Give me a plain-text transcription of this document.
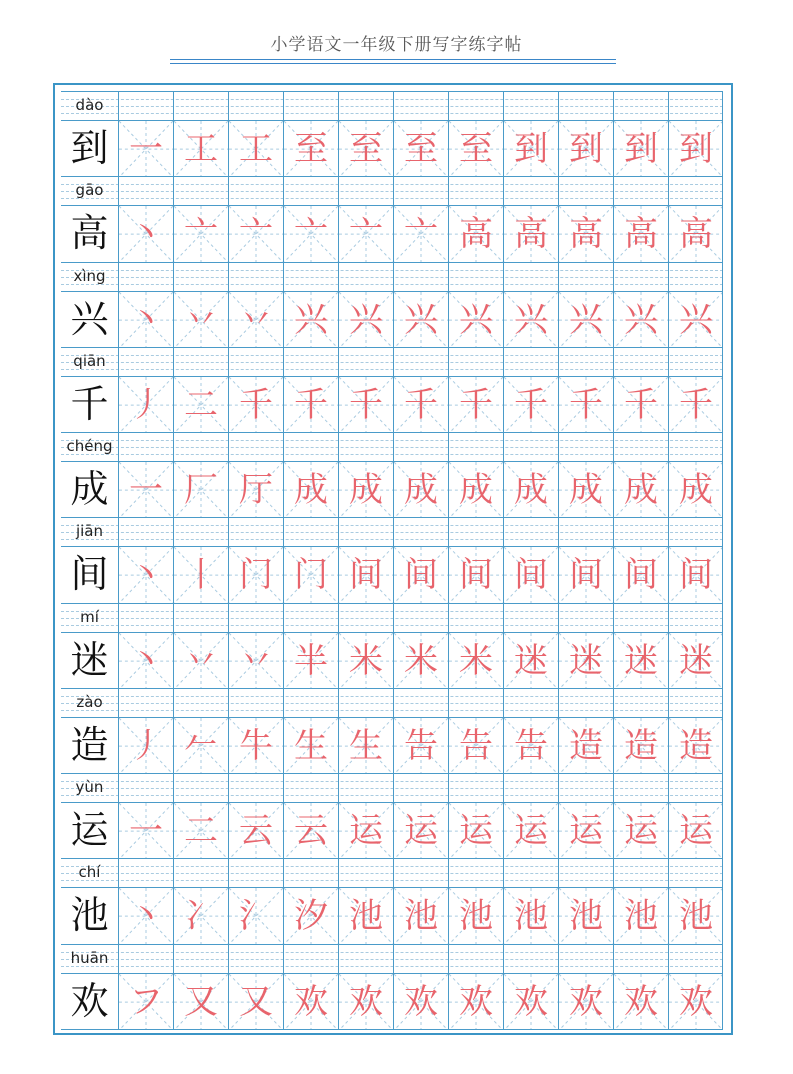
小学语文一年级下册写字练字帖
dào
到 一 工 工 至 至 至 至 到 到 到 到
gāo
高 丶 亠 亠 亠 亠 亠 高 高 高 高 高
xìng
兴 丶 丷 丷 兴 兴 兴 兴 兴 兴 兴 兴
qiān
千 丿 二 千 千 千 千 千 千 千 千 千
chéng
成 一 厂 厅 成 成 成 成 成 成 成 成
jiān
间 丶 丨 门 门 间 间 间 间 间 间 间
mí
迷 丶 丷 丷 半 米 米 米 迷 迷 迷 迷
zào
造 丿 𠂉 牛 生 生 告 告 告 造 造 造
yùn
运 一 二 云 云 运 运 运 运 运 运 运
chí
池 丶 冫 氵 汐 池 池 池 池 池 池 池
huān
欢 フ 又 又 欢 欢 欢 欢 欢 欢 欢 欢
